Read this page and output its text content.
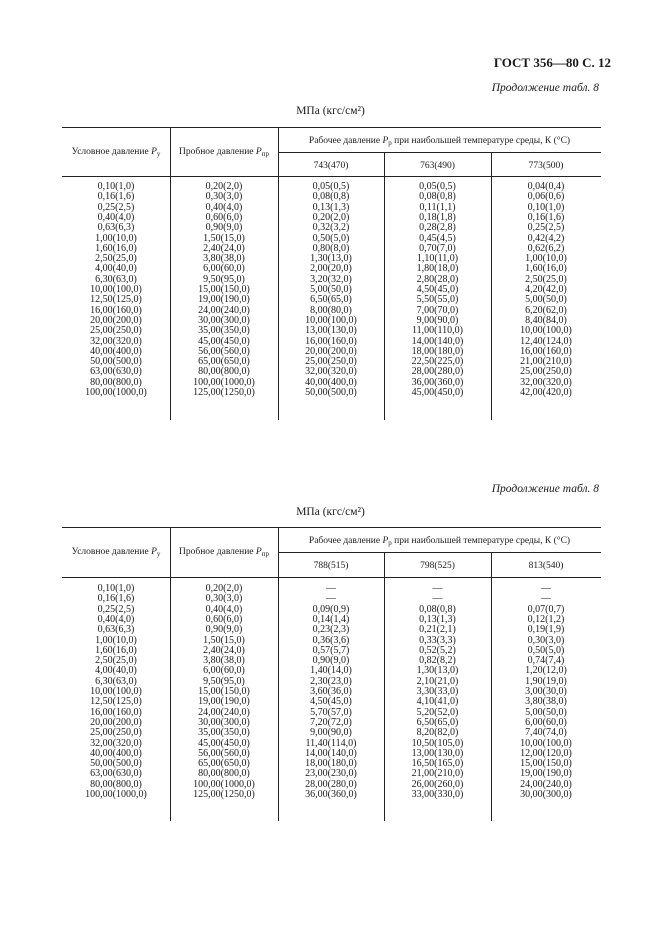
ГОСТ 356—80 С. 12
Продолжение табл. 8
МПа (кгс/см²)
Условное давление $P_у$	Пробное давление $P_{пр}$
Рабочее давление $P_р$ при наибольшей температуре среды, К (°С)
743(470)	763(490)	773(500)
0,10(1,0)	0,20(2,0)	0,05(0,5)	0,05(0,5)	0,04(0,4)
0,16(1,6)	0,30(3,0)	0,08(0,8)	0,08(0,8)	0,06(0,6)
0,25(2,5)	0,40(4,0)	0,13(1,3)	0,11(1,1)	0,10(1,0)
0,40(4,0)	0,60(6,0)	0,20(2,0)	0,18(1,8)	0,16(1,6)
0,63(6,3)	0,90(9,0)	0,32(3,2)	0,28(2,8)	0,25(2,5)
1,00(10,0)	1,50(15,0)	0,50(5,0)	0,45(4,5)	0,42(4,2)
1,60(16,0)	2,40(24,0)	0,80(8,0)	0,70(7,0)	0,62(6,2)
2,50(25,0)	3,80(38,0)	1,30(13,0)	1,10(11,0)	1,00(10,0)
4,00(40,0)	6,00(60,0)	2,00(20,0)	1,80(18,0)	1,60(16,0)
6,30(63,0)	9,50(95,0)	3,20(32,0)	2,80(28,0)	2,50(25,0)
10,00(100,0)	15,00(150,0)	5,00(50,0)	4,50(45,0)	4,20(42,0)
12,50(125,0)	19,00(190,0)	6,50(65,0)	5,50(55,0)	5,00(50,0)
16,00(160,0)	24,00(240,0)	8,00(80,0)	7,00(70,0)	6,20(62,0)
20,00(200,0)	30,00(300,0)	10,00(100,0)	9,00(90,0)	8,40(84,0)
25,00(250,0)	35,00(350,0)	13,00(130,0)	11,00(110,0)	10,00(100,0)
32,00(320,0)	45,00(450,0)	16,00(160,0)	14,00(140,0)	12,40(124,0)
40,00(400,0)	56,00(560,0)	20,00(200,0)	18,00(180,0)	16,00(160,0)
50,00(500,0)	65,00(650,0)	25,00(250,0)	22,50(225,0)	21,00(210,0)
63,00(630,0)	80,00(800,0)	32,00(320,0)	28,00(280,0)	25,00(250,0)
80,00(800,0)	100,00(1000,0)	40,00(400,0)	36,00(360,0)	32,00(320,0)
100,00(1000,0)	125,00(1250,0)	50,00(500,0)	45,00(450,0)	42,00(420,0)
Продолжение табл. 8
МПа (кгс/см²)
Условное давление $P_у$	Пробное давление $P_{пр}$
Рабочее давление $P_р$ при наибольшей температуре среды, К (°С)
788(515)	798(525)	813(540)
0,10(1,0)	0,20(2,0)	—	—	—
0,16(1,6)	0,30(3,0)	—	—	—
0,25(2,5)	0,40(4,0)	0,09(0,9)	0,08(0,8)	0,07(0,7)
0,40(4,0)	0,60(6,0)	0,14(1,4)	0,13(1,3)	0,12(1,2)
0,63(6,3)	0,90(9,0)	0,23(2,3)	0,21(2,1)	0,19(1,9)
1,00(10,0)	1,50(15,0)	0,36(3,6)	0,33(3,3)	0,30(3,0)
1,60(16,0)	2,40(24,0)	0,57(5,7)	0,52(5,2)	0,50(5,0)
2,50(25,0)	3,80(38,0)	0,90(9,0)	0,82(8,2)	0,74(7,4)
4,00(40,0)	6,00(60,0)	1,40(14,0)	1,30(13,0)	1,20(12,0)
6,30(63,0)	9,50(95,0)	2,30(23,0)	2,10(21,0)	1,90(19,0)
10,00(100,0)	15,00(150,0)	3,60(36,0)	3,30(33,0)	3,00(30,0)
12,50(125,0)	19,00(190,0)	4,50(45,0)	4,10(41,0)	3,80(38,0)
16,00(160,0)	24,00(240,0)	5,70(57,0)	5,20(52,0)	5,00(50,0)
20,00(200,0)	30,00(300,0)	7,20(72,0)	6,50(65,0)	6,00(60,0)
25,00(250,0)	35,00(350,0)	9,00(90,0)	8,20(82,0)	7,40(74,0)
32,00(320,0)	45,00(450,0)	11,40(114,0)	10,50(105,0)	10,00(100,0)
40,00(400,0)	56,00(560,0)	14,00(140,0)	13,00(130,0)	12,00(120,0)
50,00(500,0)	65,00(650,0)	18,00(180,0)	16,50(165,0)	15,00(150,0)
63,00(630,0)	80,00(800,0)	23,00(230,0)	21,00(210,0)	19,00(190,0)
80,00(800,0)	100,00(1000,0)	28,00(280,0)	26,00(260,0)	24,00(240,0)
100,00(1000,0)	125,00(1250,0)	36,00(360,0)	33,00(330,0)	30,00(300,0)
